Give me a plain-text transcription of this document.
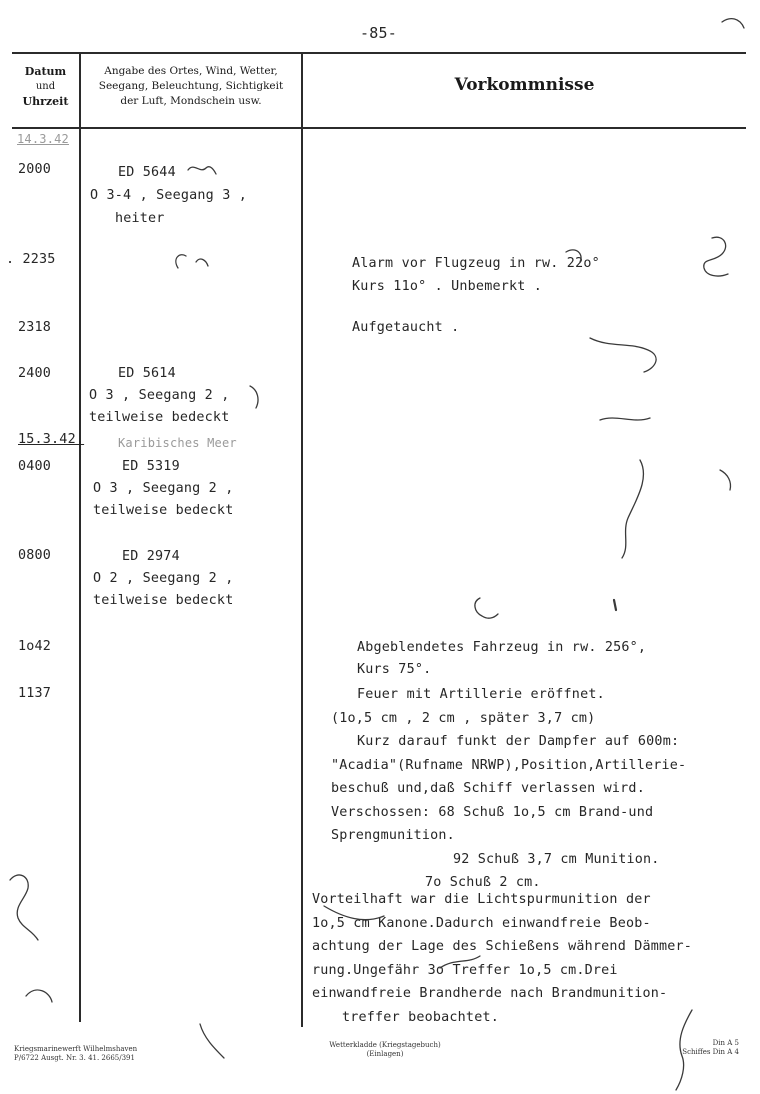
-85-
Datum
und
Uhrzeit
Angabe des Ortes, Wind, Wetter,
Seegang, Beleuchtung, Sichtigkeit
der Luft, Mondschein usw.
Vorkommnisse
14.3.42
15.3.42.
2000
. 2235
2318
2400
0400
0800
1o42
1137
ED 5644
O 3-4 , Seegang 3 ,
heiter
ED 5614
O 3 , Seegang 2 ,
teilweise bedeckt
Karibisches Meer
ED 5319
O 3 , Seegang 2 ,
teilweise bedeckt
ED 2974
O 2 , Seegang 2 ,
teilweise bedeckt
Alarm vor Flugzeug in rw. 22o°
Kurs 11o° . Unbemerkt .
Aufgetaucht .
Abgeblendetes Fahrzeug in rw. 256°,
Kurs 75°.
Feuer mit Artillerie eröffnet.
(1o,5 cm , 2 cm , später 3,7 cm)
Kurz darauf funkt der Dampfer auf 600m:
"Acadia"(Rufname NRWP),Position,Artillerie-
beschuß und,daß Schiff verlassen wird.
Verschossen: 68 Schuß 1o,5 cm Brand-und
Sprengmunition.
92 Schuß 3,7 cm Munition.
7o Schuß 2 cm.
Vorteilhaft war die Lichtspurmunition der
1o,5 cm Kanone.Dadurch einwandfreie Beob-
achtung der Lage des Schießens während Dämmer-
rung.Ungefähr 3o Treffer 1o,5 cm.Drei
einwandfreie Brandherde nach Brandmunition-
treffer beobachtet.
Kriegsmarinewerft Wilhelmshaven
P/6722 Ausgt. Nr. 3. 41. 2665/391
Wetterkladde (Kriegstagebuch)
(Einlagen)
Din A 5
Schiffes Din A 4
